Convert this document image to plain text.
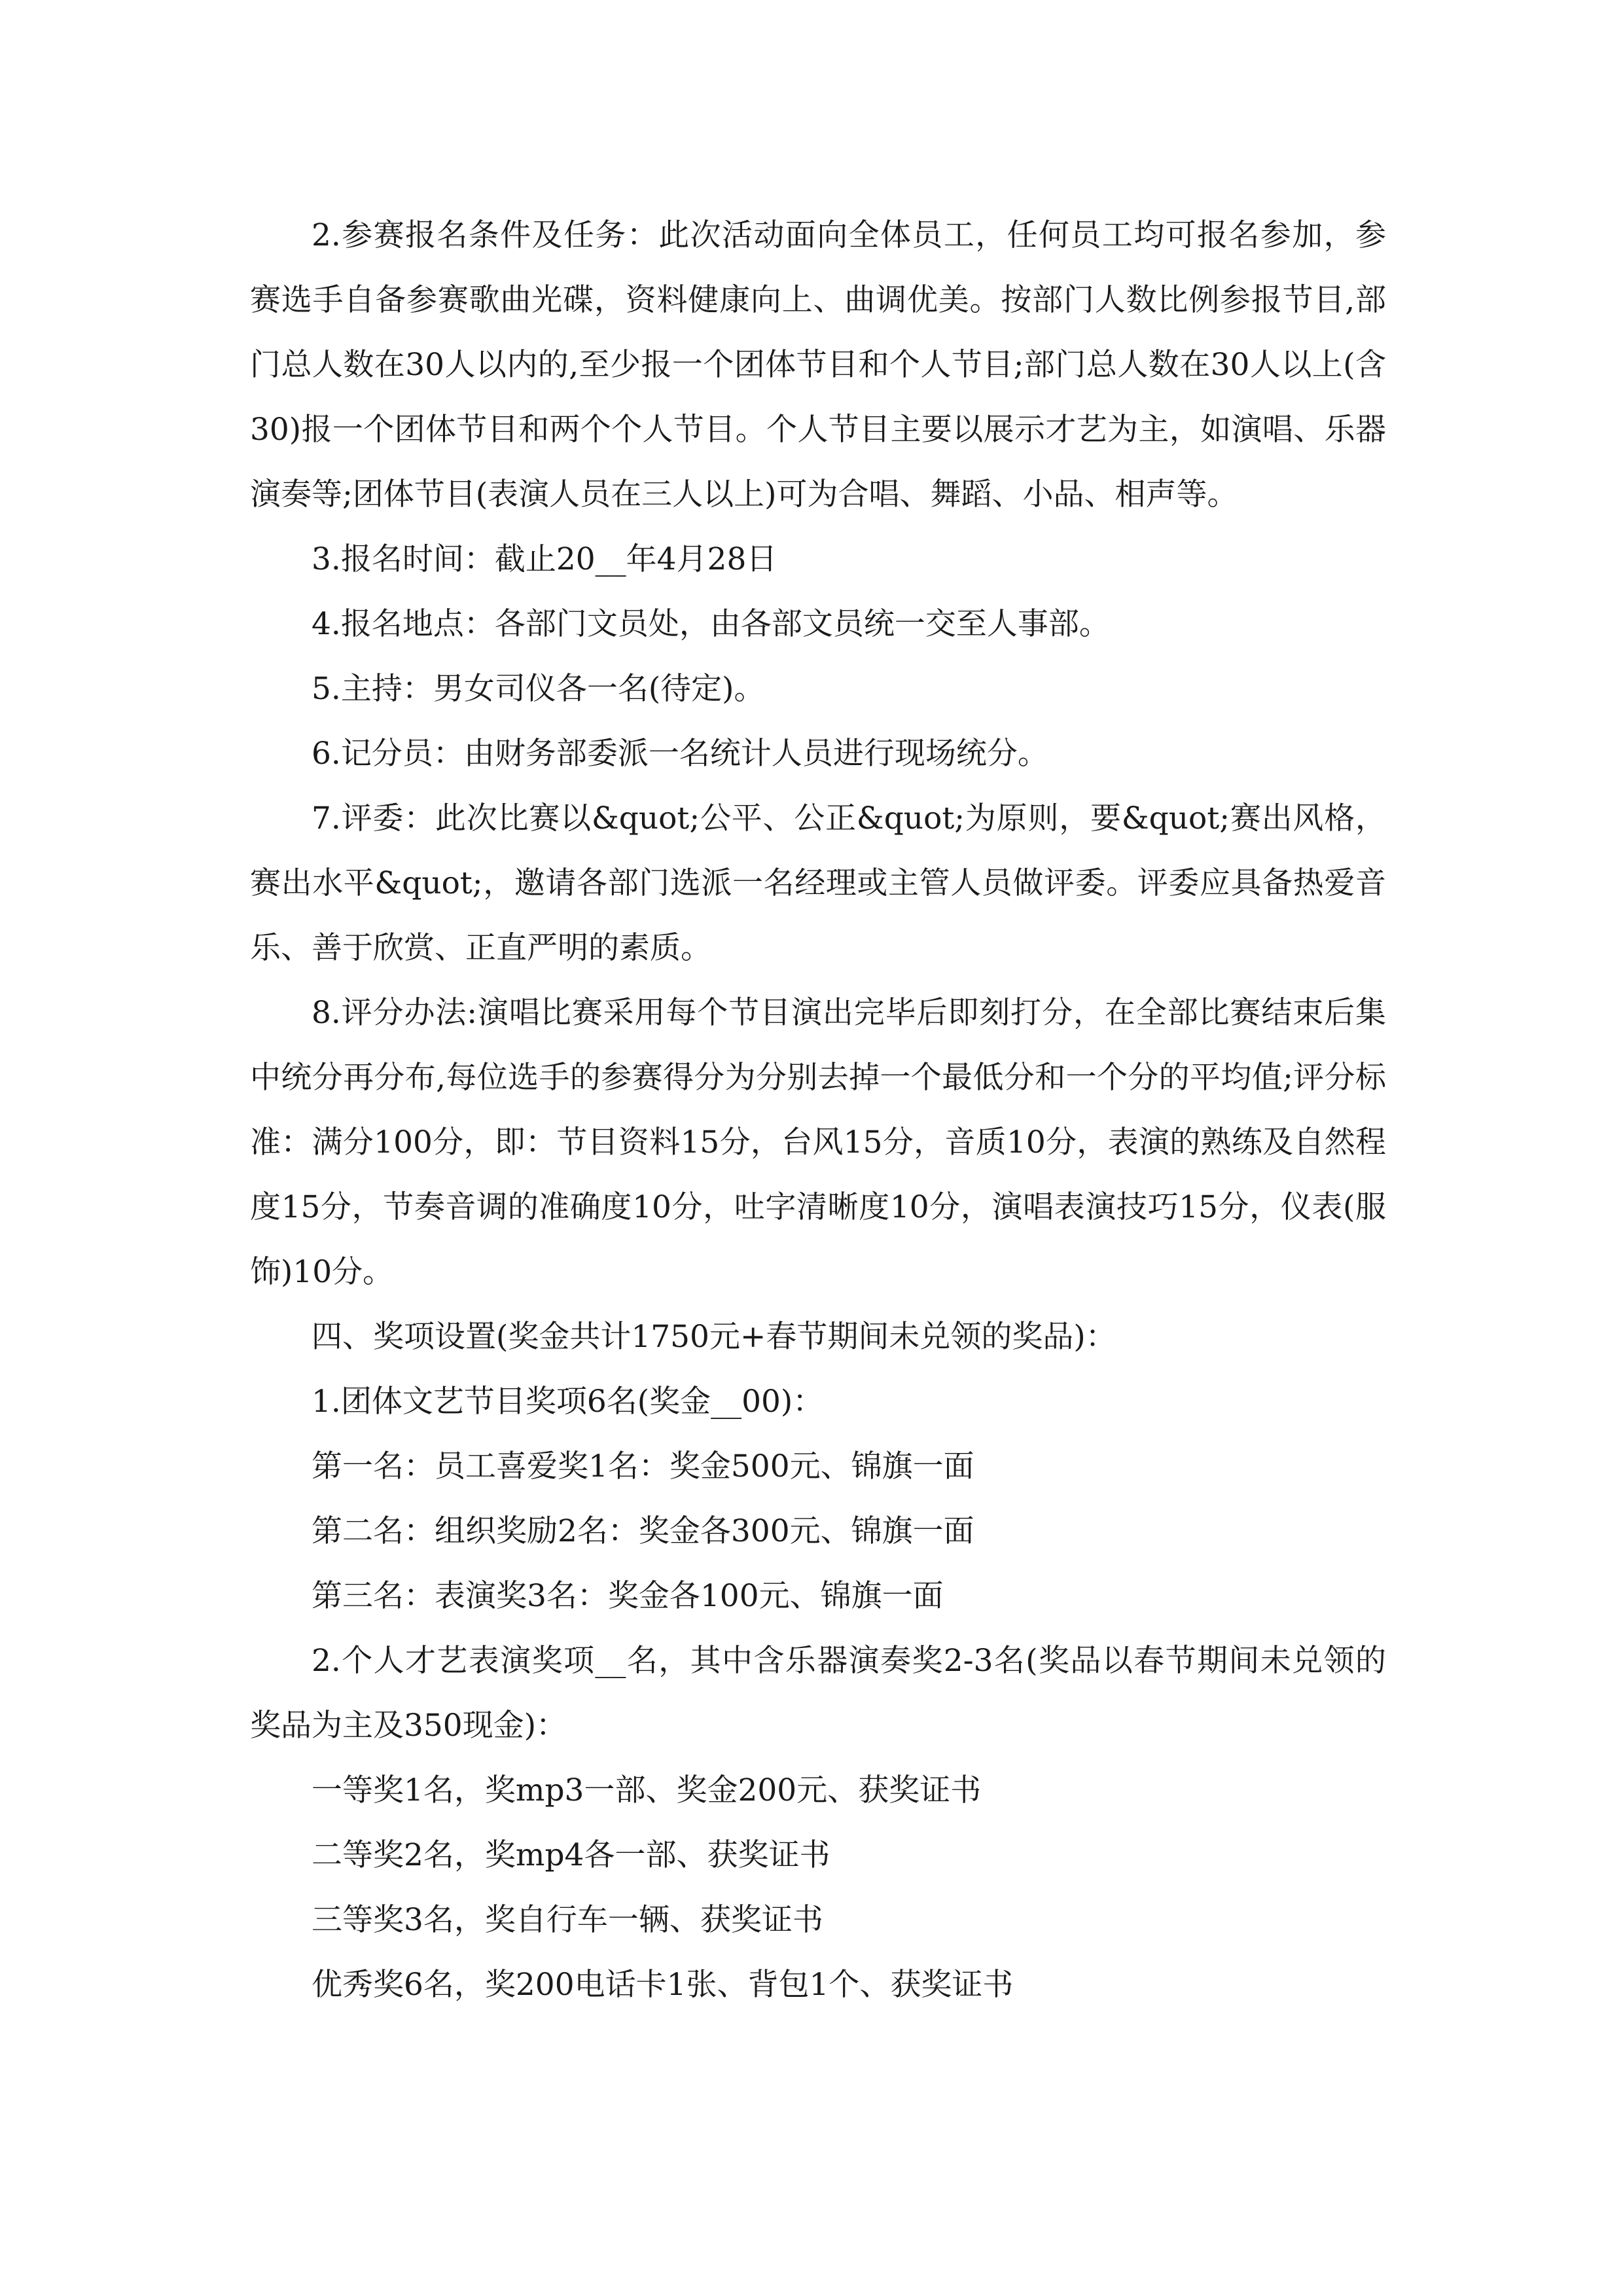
2.参赛报名条件及任务：此次活动面向全体员工，任何员工均可报名参加，参赛选手自备参赛歌曲光碟，资料健康向上、曲调优美。按部门人数比例参报节目,部门总人数在30人以内的,至少报一个团体节目和个人节目;部门总人数在30人以上(含30)报一个团体节目和两个个人节目。个人节目主要以展示才艺为主，如演唱、乐器演奏等;团体节目(表演人员在三人以上)可为合唱、舞蹈、小品、相声等。

3.报名时间：截止20__年4月28日

4.报名地点：各部门文员处，由各部文员统一交至人事部。

5.主持：男女司仪各一名(待定)。

6.记分员：由财务部委派一名统计人员进行现场统分。

7.评委：此次比赛以&quot;公平、公正&quot;为原则，要&quot;赛出风格，赛出水平&quot;，邀请各部门选派一名经理或主管人员做评委。评委应具备热爱音乐、善于欣赏、正直严明的素质。

8.评分办法:演唱比赛采用每个节目演出完毕后即刻打分，在全部比赛结束后集中统分再分布,每位选手的参赛得分为分别去掉一个最低分和一个分的平均值;评分标准：满分100分，即：节目资料15分，台风15分，音质10分，表演的熟练及自然程度15分，节奏音调的准确度10分，吐字清晰度10分，演唱表演技巧15分，仪表(服饰)10分。

四、奖项设置(奖金共计1750元+春节期间未兑领的奖品)：

1.团体文艺节目奖项6名(奖金__00)：

第一名：员工喜爱奖1名：奖金500元、锦旗一面

第二名：组织奖励2名：奖金各300元、锦旗一面

第三名：表演奖3名：奖金各100元、锦旗一面

2.个人才艺表演奖项__名，其中含乐器演奏奖2-3名(奖品以春节期间未兑领的奖品为主及350现金)：

一等奖1名，奖mp3一部、奖金200元、获奖证书

二等奖2名，奖mp4各一部、获奖证书

三等奖3名，奖自行车一辆、获奖证书

优秀奖6名，奖200电话卡1张、背包1个、获奖证书
